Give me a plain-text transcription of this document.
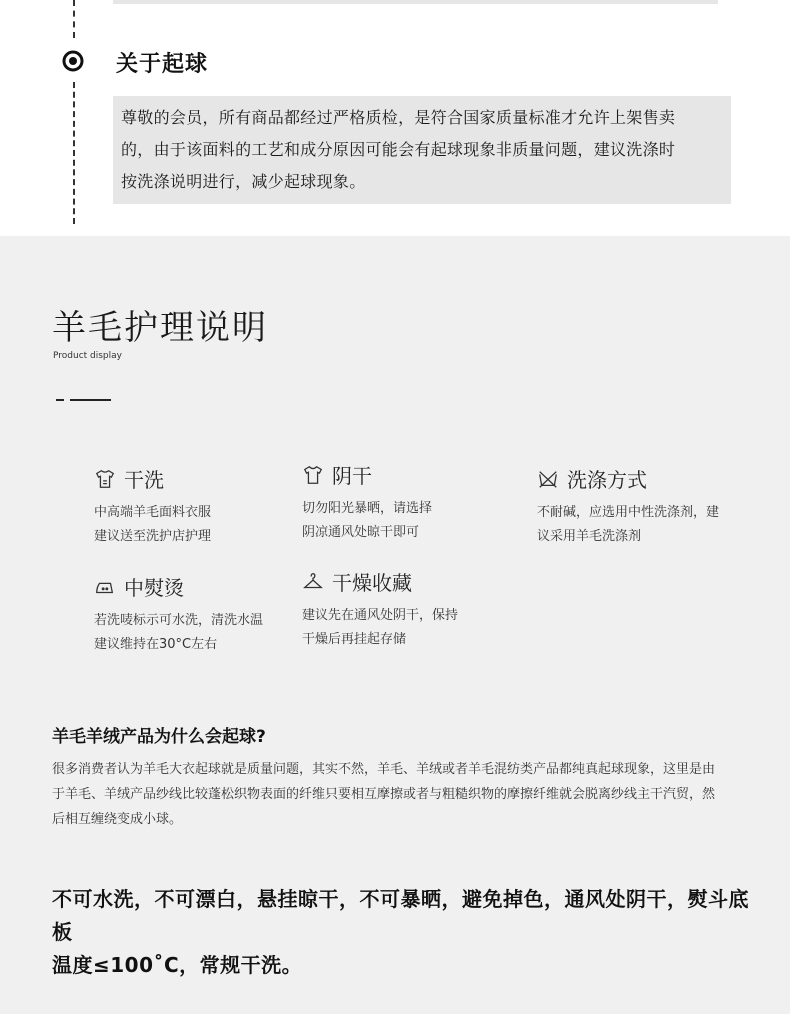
关于起球
尊敬的会员，所有商品都经过严格质检，是符合国家质量标准才允许上架售卖
的，由于该面料的工艺和成分原因可能会有起球现象非质量问题，建议洗涤时
按洗涤说明进行，减少起球现象。
羊毛护理说明
Product display
干洗
中高端羊毛面料衣服
建议送至洗护店护理
阴干
切勿阳光暴晒，请选择
阴凉通风处晾干即可
洗涤方式
不耐碱，应选用中性洗涤剂，建
议采用羊毛洗涤剂
中熨烫
若洗唛标示可水洗，清洗水温
建议维持在30°C左右
干燥收藏
建议先在通风处阴干，保持
干燥后再挂起存储
羊毛羊绒产品为什么会起球?
很多消费者认为羊毛大衣起球就是质量问题，其实不然，羊毛、羊绒或者羊毛混纺类产品都纯真起球现象，这里是由
于羊毛、羊绒产品纱线比较蓬松织物表面的纤维只要相互摩擦或者与粗糙织物的摩擦纤维就会脱离纱线主干汽贸，然
后相互缠绕变成小球。
不可水洗，不可漂白，悬挂晾干，不可暴晒，避免掉色，通风处阴干，熨斗底板
温度≤100˚C，常规干洗。
